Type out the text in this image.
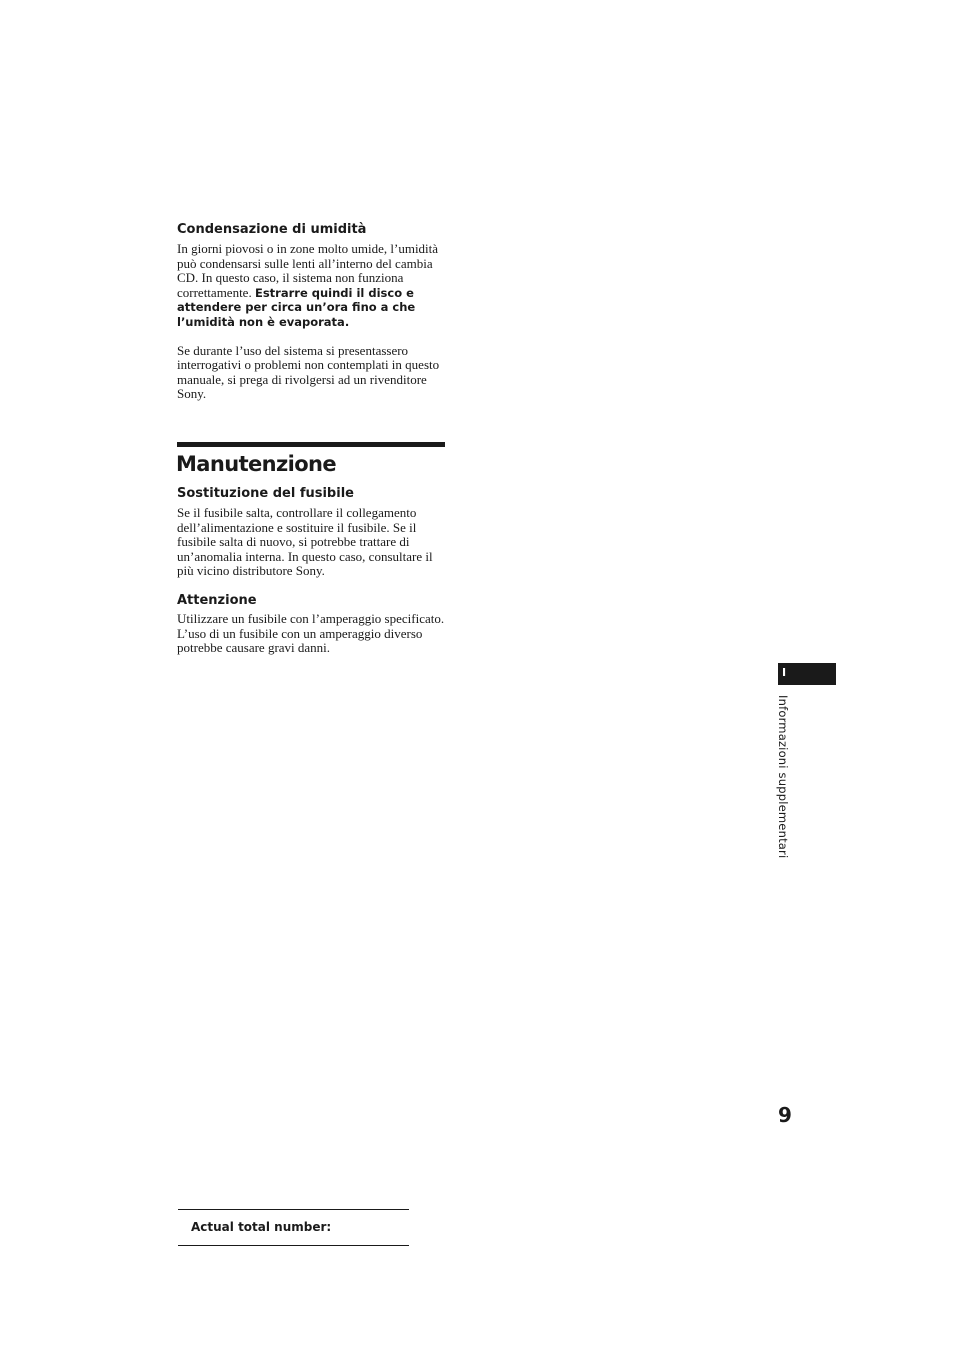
Condensazione di umidità

In giorni piovosi o in zone molto umide, l’umidità può condensarsi sulle lenti all’interno del cambia CD. In questo caso, il sistema non funziona correttamente. Estrarre quindi il disco e attendere per circa un’ora fino a che l’umidità non è evaporata.

Se durante l’uso del sistema si presentassero interrogativi o problemi non contemplati in questo manuale, si prega di rivolgersi ad un rivenditore Sony.

Manutenzione
Sostituzione del fusibile

Se il fusibile salta, controllare il collegamento dell’alimentazione e sostituire il fusibile. Se il fusibile salta di nuovo, si potrebbe trattare di un’anomalia interna. In questo caso, consultare il più vicino distributore Sony.

Attenzione

Utilizzare un fusibile con l’amperaggio specificato.

L’uso di un fusibile con un amperaggio diverso potrebbe causare gravi danni.

I
Informazioni supplementari
9
Actual total number:
